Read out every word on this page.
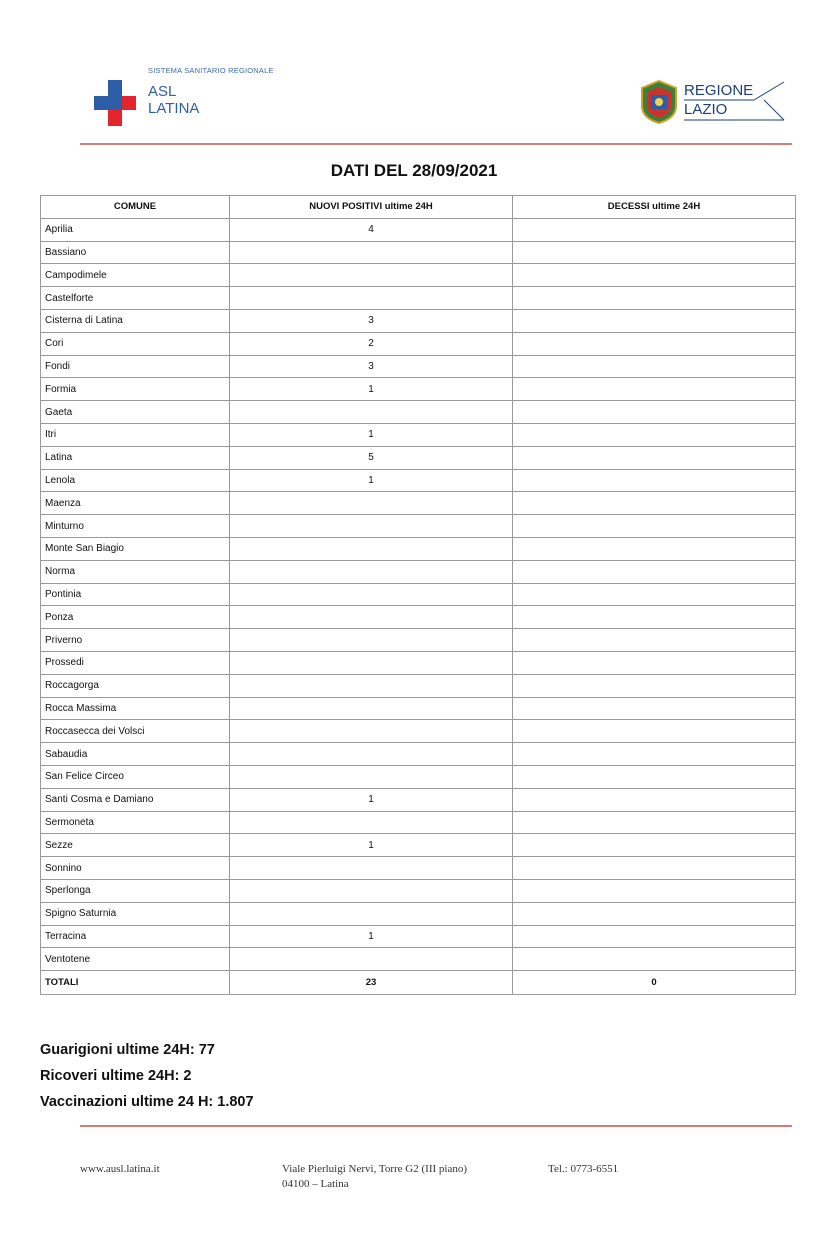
SISTEMA SANITARIO REGIONALE
ASL
LATINA
REGIONE
LAZIO
DATI DEL 28/09/2021
COMUNE	NUOVI POSITIVI ultime 24H	DECESSI ultime 24H
Aprilia	4	
Bassiano		
Campodimele		
Castelforte		
Cisterna di Latina	3	
Cori	2	
Fondi	3	
Formia	1	
Gaeta		
Itri	1	
Latina	5	
Lenola	1	
Maenza		
Minturno		
Monte San Biagio		
Norma		
Pontinia		
Ponza		
Priverno		
Prossedi		
Roccagorga		
Rocca Massima		
Roccasecca dei Volsci		
Sabaudia		
San Felice Circeo		
Santi Cosma e Damiano	1	
Sermoneta		
Sezze	1	
Sonnino		
Sperlonga		
Spigno Saturnia		
Terracina	1	
Ventotene		
TOTALI	23	0
Guarigioni ultime 24H: 77
Ricoveri ultime 24H: 2
Vaccinazioni ultime 24 H: 1.807
www.ausl.latina.it	Viale Pierluigi Nervi, Torre G2 (III piano)
04100 – Latina
Tel.: 0773-6551
